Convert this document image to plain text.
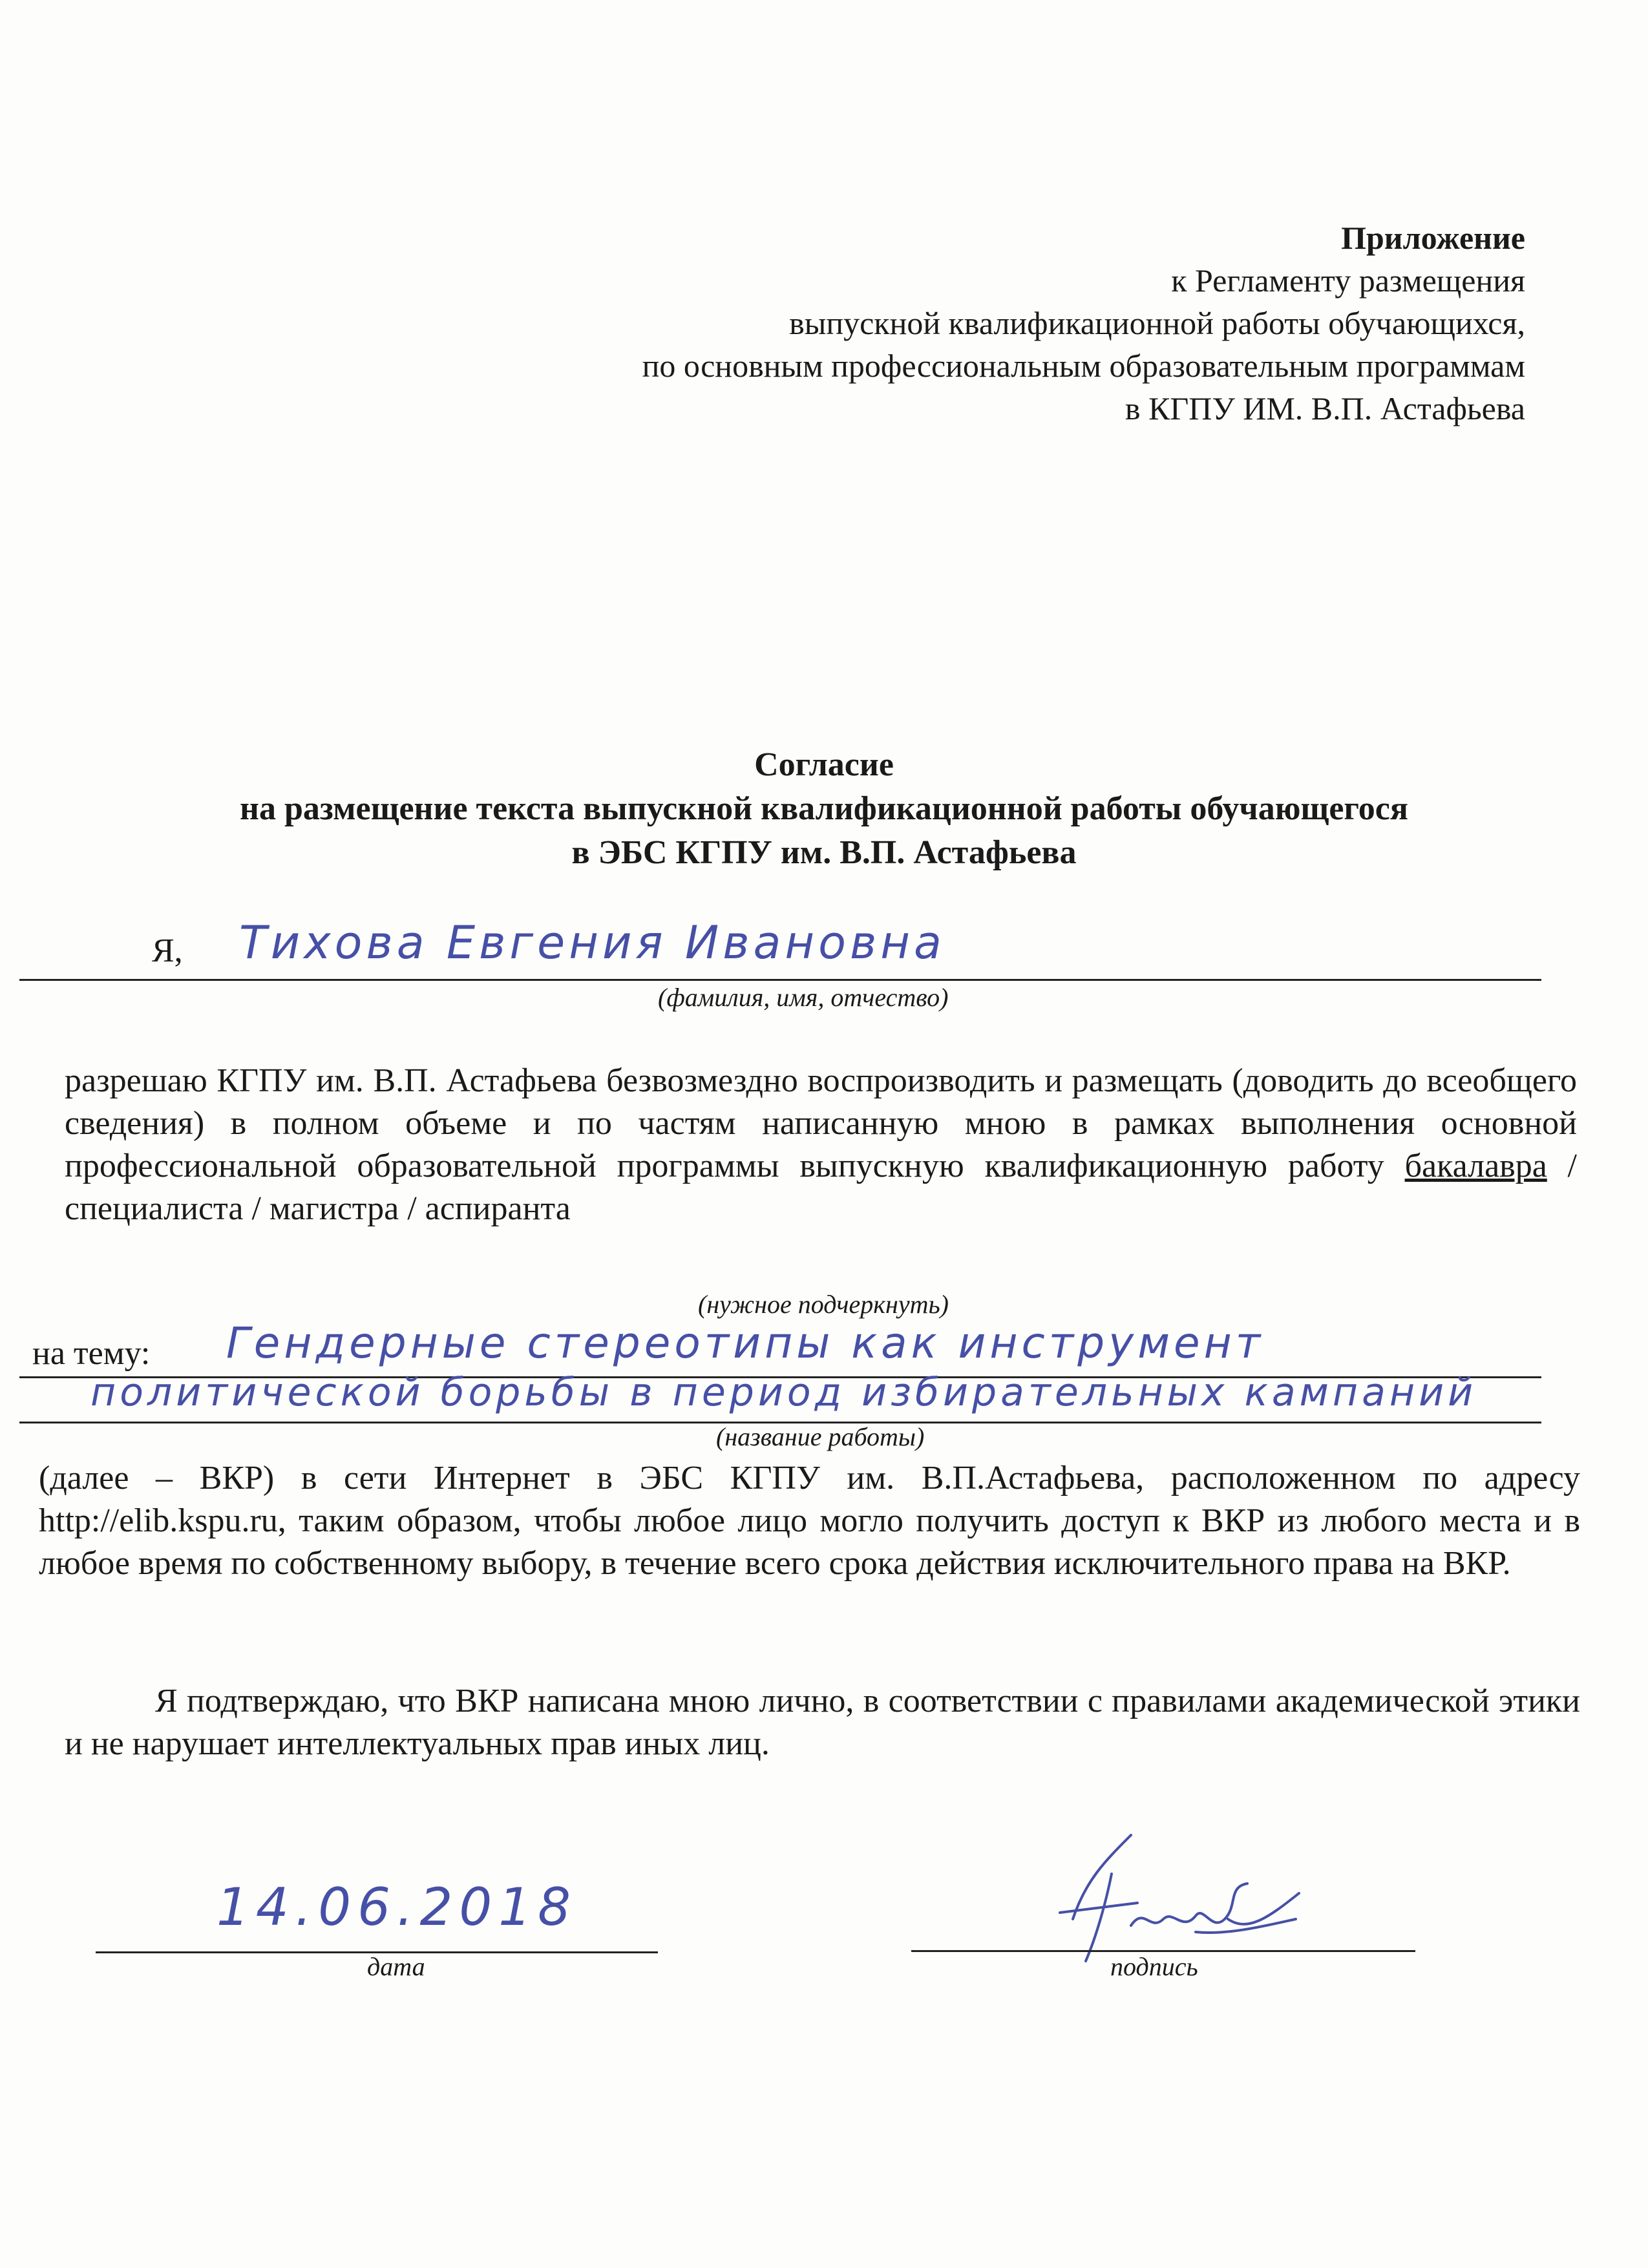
Приложение
к Регламенту размещения
выпускной квалификационной работы обучающихся,
по основным профессиональным образовательным программам
в КГПУ ИМ. В.П. Астафьева
Согласие
на размещение текста выпускной квалификационной работы обучающегося
в ЭБС КГПУ им. В.П. Астафьева
Я, Тихова Евгения Ивановна
(фамилия, имя, отчество)
разрешаю КГПУ им. В.П. Астафьева безвозмездно воспроизводить и размещать (доводить до всеобщего сведения) в полном объеме и по частям написанную мною в рамках выполнения основной профессиональной образовательной программы выпускную квалификационную работу бакалавра / специалиста / магистра / аспиранта
(нужное подчеркнуть)
на тему: Гендерные стереотипы как инструмент
политической борьбы в период избирательных кампаний
(название работы)
(далее – ВКР) в сети Интернет в ЭБС КГПУ им. В.П.Астафьева, расположенном по адресу http://elib.kspu.ru, таким образом, чтобы любое лицо могло получить доступ к ВКР из любого места и в любое время по собственному выбору, в течение всего срока действия исключительного права на ВКР.
Я подтверждаю, что ВКР написана мною лично, в соответствии с правилами академической этики и не нарушает интеллектуальных прав иных лиц.
14.06.2018
дата	подпись
